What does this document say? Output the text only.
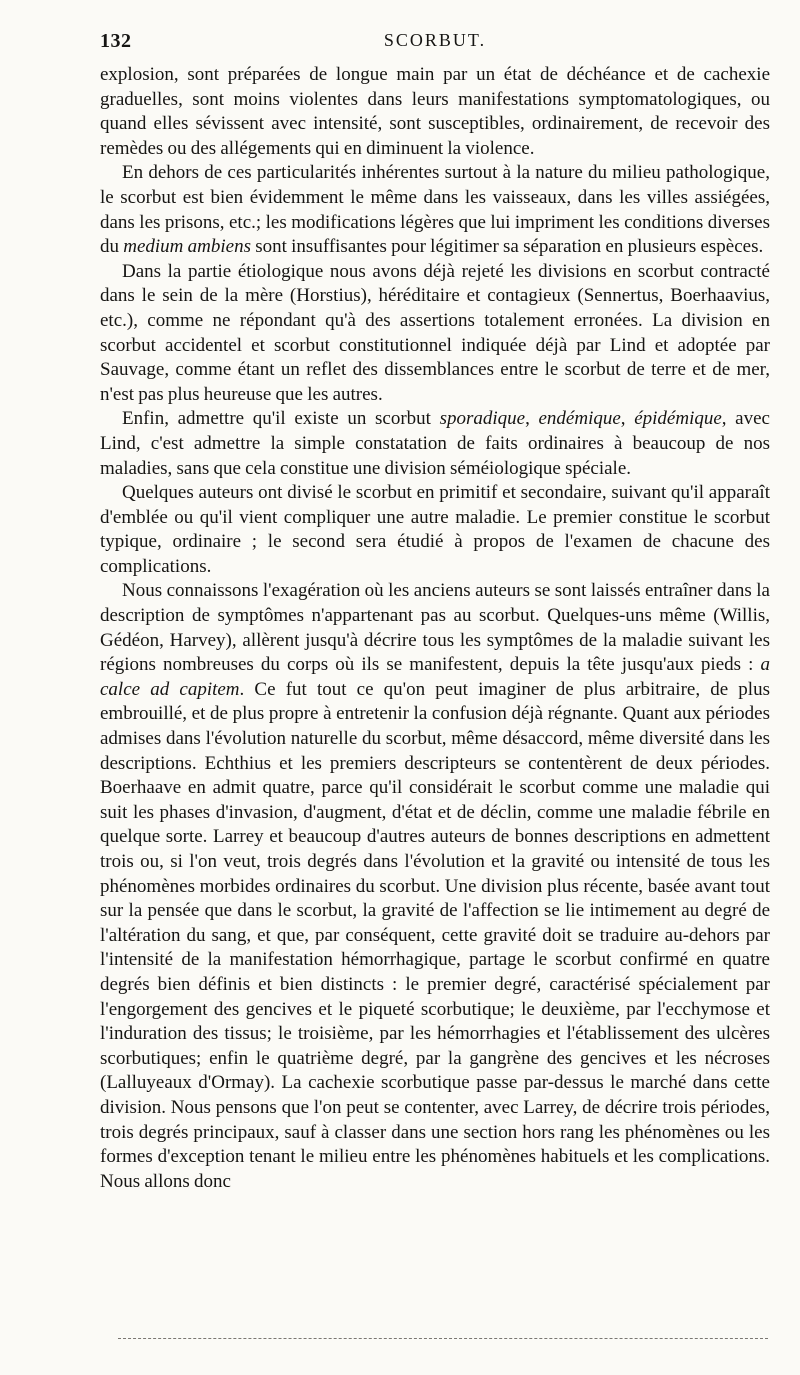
132	SCORBUT.

explosion, sont préparées de longue main par un état de déchéance et de cachexie graduelles, sont moins violentes dans leurs manifestations symptomatologiques, ou quand elles sévissent avec intensité, sont susceptibles, ordinairement, de recevoir des remèdes ou des allégements qui en diminuent la violence.

En dehors de ces particularités inhérentes surtout à la nature du milieu pathologique, le scorbut est bien évidemment le même dans les vaisseaux, dans les villes assiégées, dans les prisons, etc.; les modifications légères que lui impriment les conditions diverses du medium ambiens sont insuffisantes pour légitimer sa séparation en plusieurs espèces.

Dans la partie étiologique nous avons déjà rejeté les divisions en scorbut contracté dans le sein de la mère (Horstius), héréditaire et contagieux (Sennertus, Boerhaavius, etc.), comme ne répondant qu'à des assertions totalement erronées. La division en scorbut accidentel et scorbut constitutionnel indiquée déjà par Lind et adoptée par Sauvage, comme étant un reflet des dissemblances entre le scorbut de terre et de mer, n'est pas plus heureuse que les autres.

Enfin, admettre qu'il existe un scorbut sporadique, endémique, épidémique, avec Lind, c'est admettre la simple constatation de faits ordinaires à beaucoup de nos maladies, sans que cela constitue une division séméiologique spéciale.

Quelques auteurs ont divisé le scorbut en primitif et secondaire, suivant qu'il apparaît d'emblée ou qu'il vient compliquer une autre maladie. Le premier constitue le scorbut typique, ordinaire ; le second sera étudié à propos de l'examen de chacune des complications.

Nous connaissons l'exagération où les anciens auteurs se sont laissés entraîner dans la description de symptômes n'appartenant pas au scorbut. Quelques-uns même (Willis, Gédéon, Harvey), allèrent jusqu'à décrire tous les symptômes de la maladie suivant les régions nombreuses du corps où ils se manifestent, depuis la tête jusqu'aux pieds : a calce ad capitem. Ce fut tout ce qu'on peut imaginer de plus arbitraire, de plus embrouillé, et de plus propre à entretenir la confusion déjà régnante. Quant aux périodes admises dans l'évolution naturelle du scorbut, même désaccord, même diversité dans les descriptions. Echthius et les premiers descripteurs se contentèrent de deux périodes. Boerhaave en admit quatre, parce qu'il considérait le scorbut comme une maladie qui suit les phases d'invasion, d'augment, d'état et de déclin, comme une maladie fébrile en quelque sorte. Larrey et beaucoup d'autres auteurs de bonnes descriptions en admettent trois ou, si l'on veut, trois degrés dans l'évolution et la gravité ou intensité de tous les phénomènes morbides ordinaires du scorbut. Une division plus récente, basée avant tout sur la pensée que dans le scorbut, la gravité de l'affection se lie intimement au degré de l'altération du sang, et que, par conséquent, cette gravité doit se traduire au-dehors par l'intensité de la manifestation hémorrhagique, partage le scorbut confirmé en quatre degrés bien définis et bien distincts : le premier degré, caractérisé spécialement par l'engorgement des gencives et le piqueté scorbutique; le deuxième, par l'ecchymose et l'induration des tissus; le troisième, par les hémorrhagies et l'établissement des ulcères scorbutiques; enfin le quatrième degré, par la gangrène des gencives et les nécroses (Lalluyeaux d'Ormay). La cachexie scorbutique passe par-dessus le marché dans cette division. Nous pensons que l'on peut se contenter, avec Larrey, de décrire trois périodes, trois degrés principaux, sauf à classer dans une section hors rang les phénomènes ou les formes d'exception tenant le milieu entre les phénomènes habituels et les complications. Nous allons donc
